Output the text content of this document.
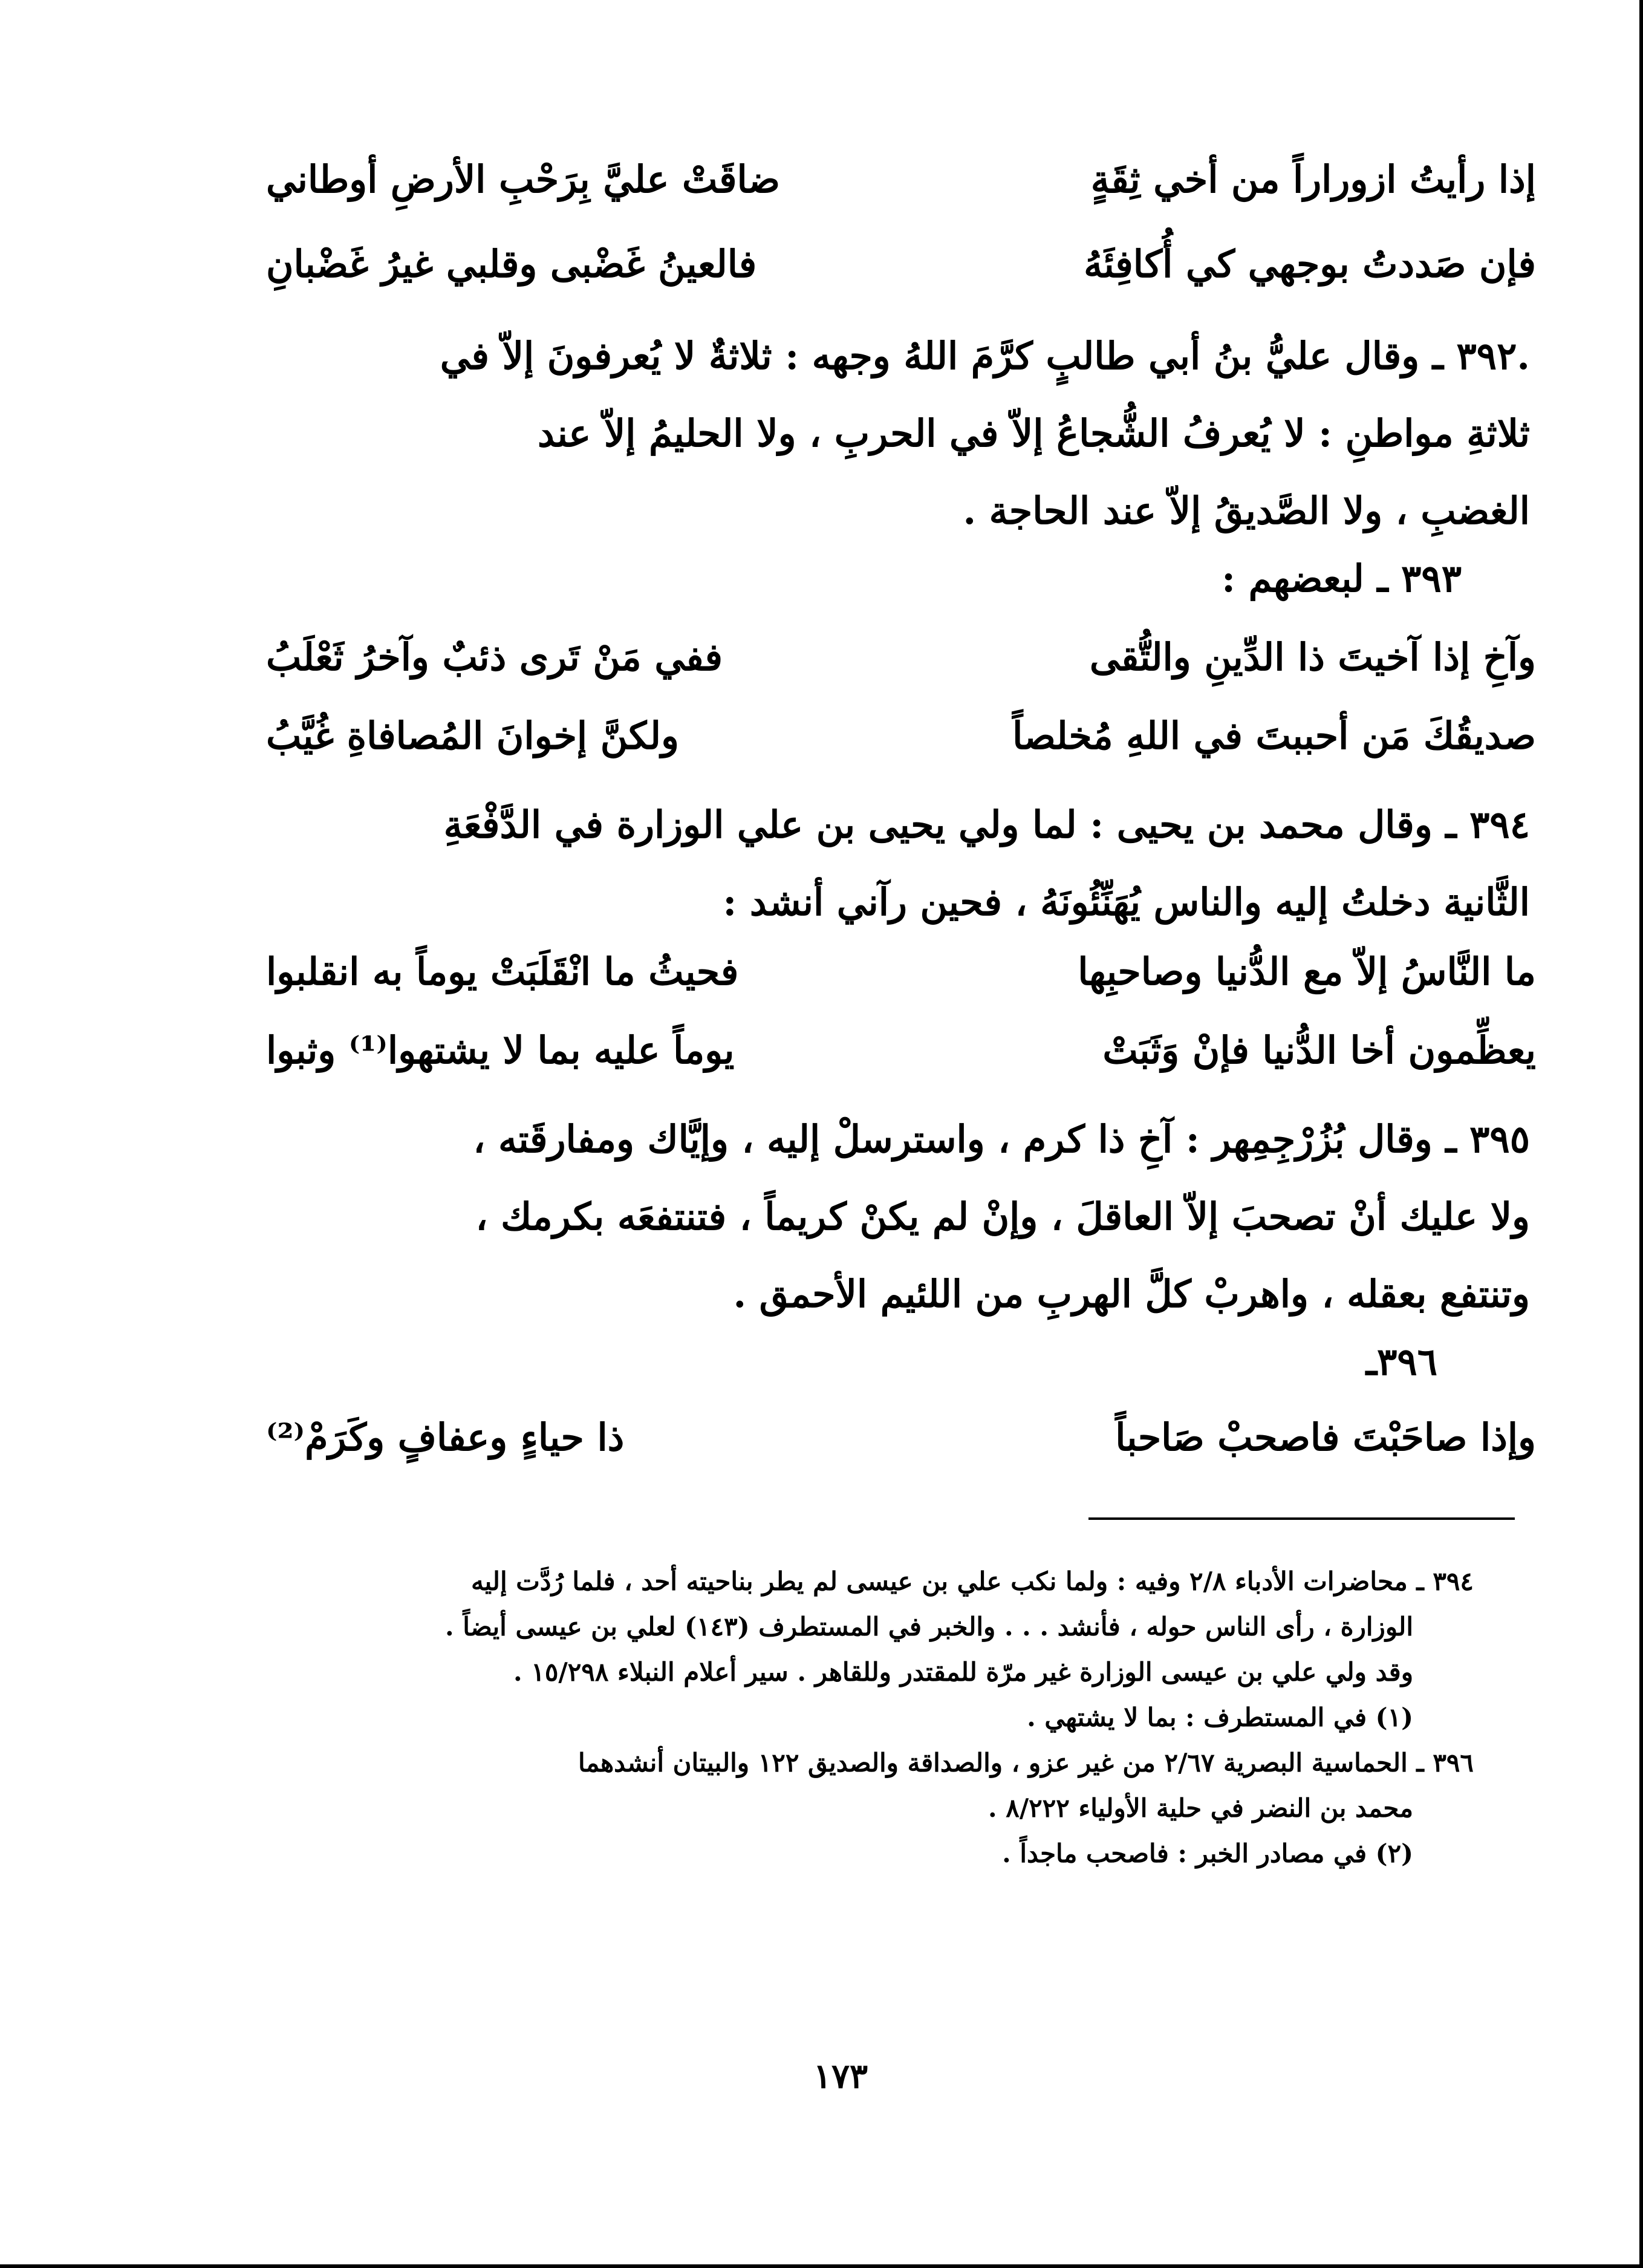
إذا رأيتُ ازوراراً من أخي ثِقَةٍ
ضاقَتْ عليَّ بِرَحْبِ الأرضِ أوطاني
فإن صَددتُ بوجهي كي أُكافِئَهُ
فالعينُ غَضْبى وقلبي غيرُ غَضْبانِ
.٣٩٢ ـ وقال عليُّ بنُ أبي طالبٍ كرَّمَ اللهُ وجهه : ثلاثةٌ لا يُعرفونَ إلاّ في
ثلاثةِ مواطنِ : لا يُعرفُ الشُّجاعُ إلاّ في الحربِ ، ولا الحليمُ إلاّ عند
الغضبِ ، ولا الصَّديقُ إلاّ عند الحاجة .
٣٩٣ ـ لبعضهم :
وآخِ إذا آخيتَ ذا الدِّينِ والتُّقى
ففي مَنْ تَرى ذئبٌ وآخرُ ثَعْلَبُ
صديقُكَ مَن أحببتَ في اللهِ مُخلصاً
ولكنَّ إخوانَ المُصافاةِ غُيَّبُ
٣٩٤ ـ وقال محمد بن يحيى : لما ولي يحيى بن علي الوزارة في الدَّفْعَةِ
الثَّانية دخلتُ إليه والناس يُهَنِّئُونَهُ ، فحين رآني أنشد :
ما النَّاسُ إلاّ مع الدُّنيا وصاحبِها
فحيثُ ما انْقَلَبَتْ يوماً به انقلبوا
يعظِّمون أخا الدُّنيا فإنْ وَثَبَتْ
يوماً عليه بما لا يشتهوا⁽¹⁾ وثبوا
٣٩٥ ـ وقال بُزُرْجِمِهر : آخِ ذا كرم ، واسترسلْ إليه ، وإيَّاك ومفارقَته ،
ولا عليك أنْ تصحبَ إلاّ العاقلَ ، وإنْ لم يكنْ كريماً ، فتنتفعَه بكرمك ،
وتنتفع بعقله ، واهربْ كلَّ الهربِ من اللئيم الأحمق .
٣٩٦ـ
وإذا صاحَبْتَ فاصحبْ صَاحباً
ذا حياءٍ وعفافٍ وكَرَمْ⁽²⁾
٣٩٤ ـ محاضرات الأدباء ٢/٨ وفيه : ولما نكب علي بن عيسى لم يطر بناحيته أحد ، فلما رُدَّت إليه
الوزارة ، رأى الناس حوله ، فأنشد . . . والخبر في المستطرف (١٤٣) لعلي بن عيسى أيضاً .
وقد ولي علي بن عيسى الوزارة غير مرّة للمقتدر وللقاهر . سير أعلام النبلاء ١٥/٢٩٨ .
(١) في المستطرف : بما لا يشتهي .
٣٩٦ ـ الحماسية البصرية ٢/٦٧ من غير عزو ، والصداقة والصديق ١٢٢ والبيتان أنشدهما
محمد بن النضر في حلية الأولياء ٨/٢٢٢ .
(٢) في مصادر الخبر : فاصحب ماجداً .
١٧٣
